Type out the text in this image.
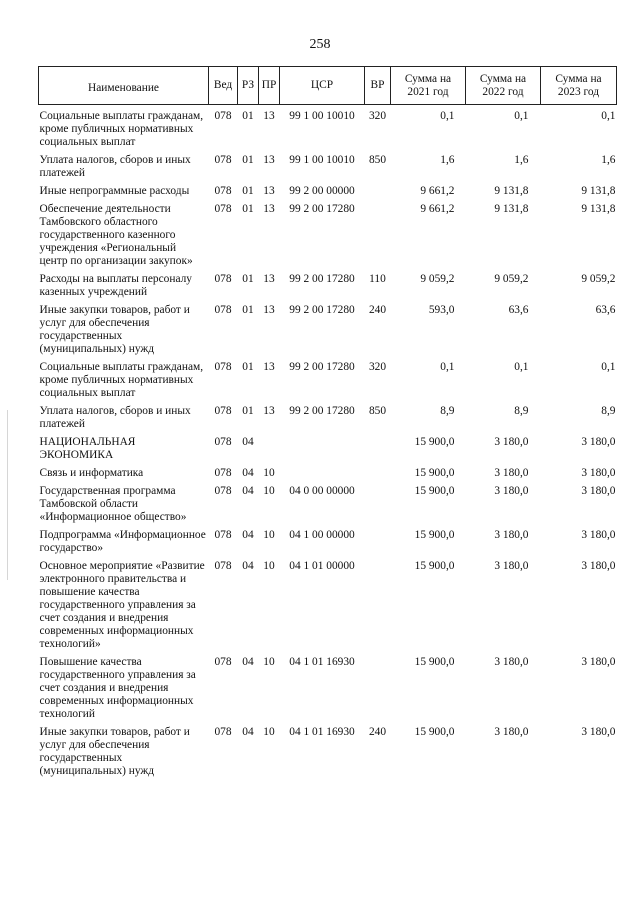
258
Наименование	Вед	РЗ	ПР	ЦСР	ВР	Сумма на 2021 год	Сумма на 2022 год	Сумма на 2023 год
Социальные выплаты гражданам, кроме публичных нормативных социальных выплат	078	01	13	99 1 00 10010	320	0,1	0,1	0,1
Уплата налогов, сборов и иных платежей	078	01	13	99 1 00 10010	850	1,6	1,6	1,6
Иные непрограммные расходы	078	01	13	99 2 00 00000		9 661,2	9 131,8	9 131,8
Обеспечение деятельности Тамбовского областного государственного казенного учреждения «Региональный центр по организации закупок»	078	01	13	99 2 00 17280		9 661,2	9 131,8	9 131,8
Расходы на выплаты персоналу казенных учреждений	078	01	13	99 2 00 17280	110	9 059,2	9 059,2	9 059,2
Иные закупки товаров, работ и услуг для обеспечения государственных (муниципальных) нужд	078	01	13	99 2 00 17280	240	593,0	63,6	63,6
Социальные выплаты гражданам, кроме публичных нормативных социальных выплат	078	01	13	99 2 00 17280	320	0,1	0,1	0,1
Уплата налогов, сборов и иных платежей	078	01	13	99 2 00 17280	850	8,9	8,9	8,9
НАЦИОНАЛЬНАЯ ЭКОНОМИКА	078	04				15 900,0	3 180,0	3 180,0
Связь и информатика	078	04	10			15 900,0	3 180,0	3 180,0
Государственная программа Тамбовской области «Информационное общество»	078	04	10	04 0 00 00000		15 900,0	3 180,0	3 180,0
Подпрограмма «Информационное государство»	078	04	10	04 1 00 00000		15 900,0	3 180,0	3 180,0
Основное мероприятие «Развитие электронного правительства и повышение качества государственного управления за счет создания и внедрения современных информационных технологий»	078	04	10	04 1 01 00000		15 900,0	3 180,0	3 180,0
Повышение качества государственного управления за счет создания и внедрения современных информационных технологий	078	04	10	04 1 01 16930		15 900,0	3 180,0	3 180,0
Иные закупки товаров, работ и услуг для обеспечения государственных (муниципальных) нужд	078	04	10	04 1 01 16930	240	15 900,0	3 180,0	3 180,0
